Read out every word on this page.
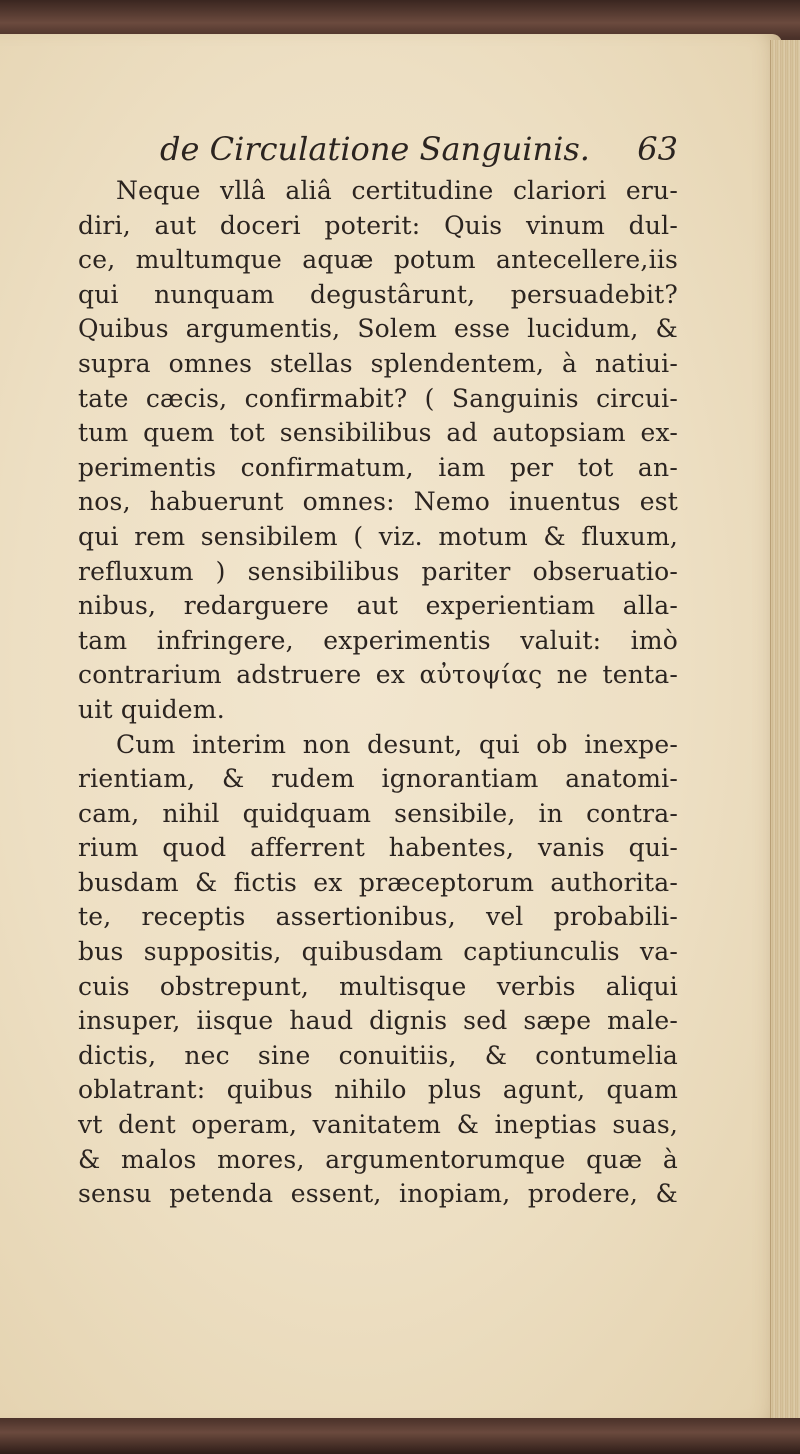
de Circulatione Sanguinis. 63
Neque vllâ aliâ certitudine clariori eru-
diri, aut doceri poterit: Quis vinum dul-
ce, multumque aquæ potum antecellere,iis
qui nunquam degustârunt, persuadebit?
Quibus argumentis, Solem esse lucidum, &
supra omnes stellas splendentem, à natiui-
tate cæcis, confirmabit? ( Sanguinis circui-
tum quem tot sensibilibus ad autopsiam ex-
perimentis confirmatum, iam per tot an-
nos, habuerunt omnes: Nemo inuentus est
qui rem sensibilem ( viz. motum & fluxum,
refluxum ) sensibilibus pariter obseruatio-
nibus, redarguere aut experientiam alla-
tam infringere, experimentis valuit: imò
contrarium adstruere ex αὐτοψίας ne tenta-
uit quidem.
Cum interim non desunt, qui ob inexpe-
rientiam, & rudem ignorantiam anatomi-
cam, nihil quidquam sensibile, in contra-
rium quod afferrent habentes, vanis qui-
busdam & fictis ex præceptorum authorita-
te, receptis assertionibus, vel probabili-
bus suppositis, quibusdam captiunculis va-
cuis obstrepunt, multisque verbis aliqui
insuper, iisque haud dignis sed sæpe male-
dictis, nec sine conuitiis, & contumelia
oblatrant: quibus nihilo plus agunt, quam
vt dent operam, vanitatem & ineptias suas,
& malos mores, argumentorumque quæ à
sensu petenda essent, inopiam, prodere, &
